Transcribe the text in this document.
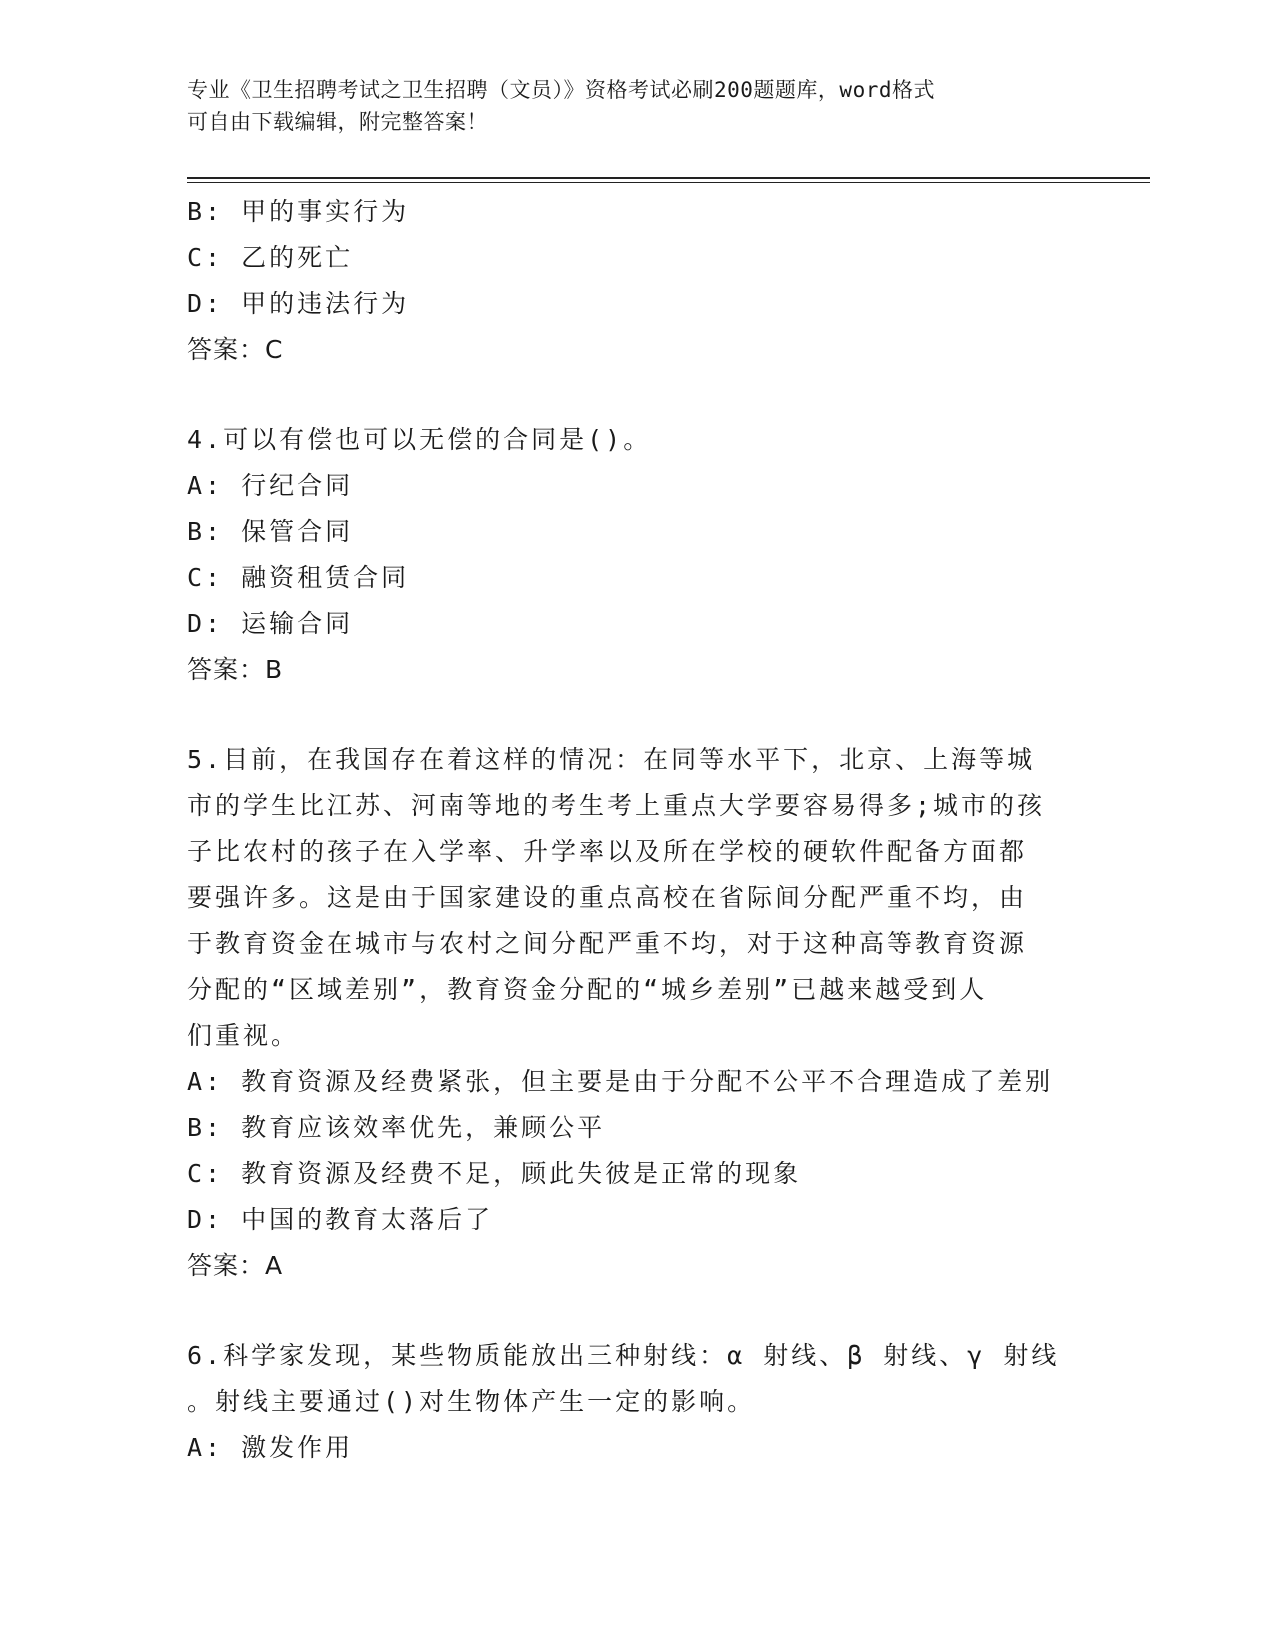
专业《卫生招聘考试之卫生招聘（文员）》资格考试必刷200题题库，word格式
可自由下载编辑，附完整答案！
B: 甲的事实行为
C: 乙的死亡
D: 甲的违法行为
答案：C
4.可以有偿也可以无偿的合同是()。
A: 行纪合同
B: 保管合同
C: 融资租赁合同
D: 运输合同
答案：B
5.目前，在我国存在着这样的情况：在同等水平下，北京、上海等城
市的学生比江苏、河南等地的考生考上重点大学要容易得多;城市的孩
子比农村的孩子在入学率、升学率以及所在学校的硬软件配备方面都
要强许多。这是由于国家建设的重点高校在省际间分配严重不均，由
于教育资金在城市与农村之间分配严重不均，对于这种高等教育资源
分配的“区域差别”，教育资金分配的“城乡差别”已越来越受到人
们重视。
A: 教育资源及经费紧张，但主要是由于分配不公平不合理造成了差别
B: 教育应该效率优先，兼顾公平
C: 教育资源及经费不足，顾此失彼是正常的现象
D: 中国的教育太落后了
答案：A
6.科学家发现，某些物质能放出三种射线：α 射线、β 射线、γ 射线
。射线主要通过()对生物体产生一定的影响。
A: 激发作用
